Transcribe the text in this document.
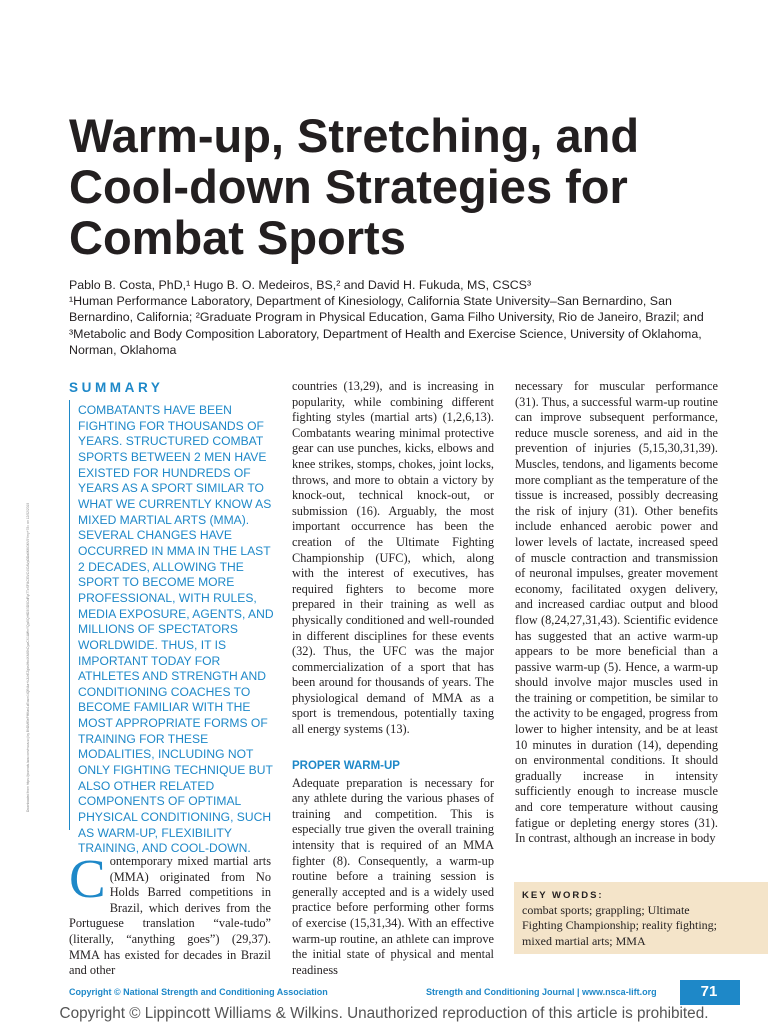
Warm-up, Stretching, and Cool-down Strategies for Combat Sports
Pablo B. Costa, PhD,¹ Hugo B. O. Medeiros, BS,² and David H. Fukuda, MS, CSCS³
¹Human Performance Laboratory, Department of Kinesiology, California State University–San Bernardino, San Bernardino, California; ²Graduate Program in Physical Education, Gama Filho University, Rio de Janeiro, Brazil; and ³Metabolic and Body Composition Laboratory, Department of Health and Exercise Science, University of Oklahoma, Norman, Oklahoma
Downloaded from https://journals.lww.com/nsca-scj by BhDMf5ePHKav1zEoum1tQfN4a+kJLhEZgbsIHo4XMi0hCywCX1AWnYQp/IlQrHD3i3D0OdRyi7TvSFl4Cf3VC4/OAVpDDa8KKGKV0Ymy+78= on 12/02/2019
SUMMARY

COMBATANTS HAVE BEEN FIGHTING FOR THOUSANDS OF YEARS. STRUCTURED COMBAT SPORTS BETWEEN 2 MEN HAVE EXISTED FOR HUNDREDS OF YEARS AS A SPORT SIMILAR TO WHAT WE CURRENTLY KNOW AS MIXED MARTIAL ARTS (MMA). SEVERAL CHANGES HAVE OCCURRED IN MMA IN THE LAST 2 DECADES, ALLOWING THE SPORT TO BECOME MORE PROFESSIONAL, WITH RULES, MEDIA EXPOSURE, AGENTS, AND MILLIONS OF SPECTATORS WORLDWIDE. THUS, IT IS IMPORTANT TODAY FOR ATHLETES AND STRENGTH AND CONDITIONING COACHES TO BECOME FAMILIAR WITH THE MOST APPROPRIATE FORMS OF TRAINING FOR THESE MODALITIES, INCLUDING NOT ONLY FIGHTING TECHNIQUE BUT ALSO OTHER RELATED COMPONENTS OF OPTIMAL PHYSICAL CONDITIONING, SUCH AS WARM-UP, FLEXIBILITY TRAINING, AND COOL-DOWN.

Contemporary mixed martial arts (MMA) originated from No Holds Barred competitions in Brazil, which derives from the Portuguese translation “vale-tudo” (literally, “anything goes”) (29,37). MMA has existed for decades in Brazil and other

countries (13,29), and is increasing in popularity, while combining different fighting styles (martial arts) (1,2,6,13). Combatants wearing minimal protective gear can use punches, kicks, elbows and knee strikes, stomps, chokes, joint locks, throws, and more to obtain a victory by knock-out, technical knock-out, or submission (16). Arguably, the most important occurrence has been the creation of the Ultimate Fighting Championship (UFC), which, along with the interest of executives, has required fighters to become more prepared in their training as well as physically conditioned and well-rounded in different disciplines for these events (32). Thus, the UFC was the major commercialization of a sport that has been around for thousands of years. The physiological demand of MMA as a sport is tremendous, potentially taxing all energy systems (13).

PROPER WARM-UP

Adequate preparation is necessary for any athlete during the various phases of training and competition. This is especially true given the overall training intensity that is required of an MMA fighter (8). Consequently, a warm-up routine before a training session is generally accepted and is a widely used practice before performing other forms of exercise (15,31,34). With an effective warm-up routine, an athlete can improve the initial state of physical and mental readiness

necessary for muscular performance (31). Thus, a successful warm-up routine can improve subsequent performance, reduce muscle soreness, and aid in the prevention of injuries (5,15,30,31,39). Muscles, tendons, and ligaments become more compliant as the temperature of the tissue is increased, possibly decreasing the risk of injury (31). Other benefits include enhanced aerobic power and lower levels of lactate, increased speed of muscle contraction and transmission of neuronal impulses, greater movement economy, facilitated oxygen delivery, and increased cardiac output and blood flow (8,24,27,31,43). Scientific evidence has suggested that an active warm-up appears to be more beneficial than a passive warm-up (5). Hence, a warm-up should involve major muscles used in the training or competition, be similar to the activity to be engaged, progress from lower to higher intensity, and be at least 10 minutes in duration (14), depending on environmental conditions. It should gradually increase in intensity sufficiently enough to increase muscle and core temperature without causing fatigue or depleting energy stores (31). In contrast, although an increase in body

KEY WORDS:
combat sports; grappling; Ultimate Fighting Championship; reality fighting; mixed martial arts; MMA
Copyright © National Strength and Conditioning Association	Strength and Conditioning Journal | www.nsca-lift.org	71
Copyright © Lippincott Williams & Wilkins. Unauthorized reproduction of this article is prohibited.
